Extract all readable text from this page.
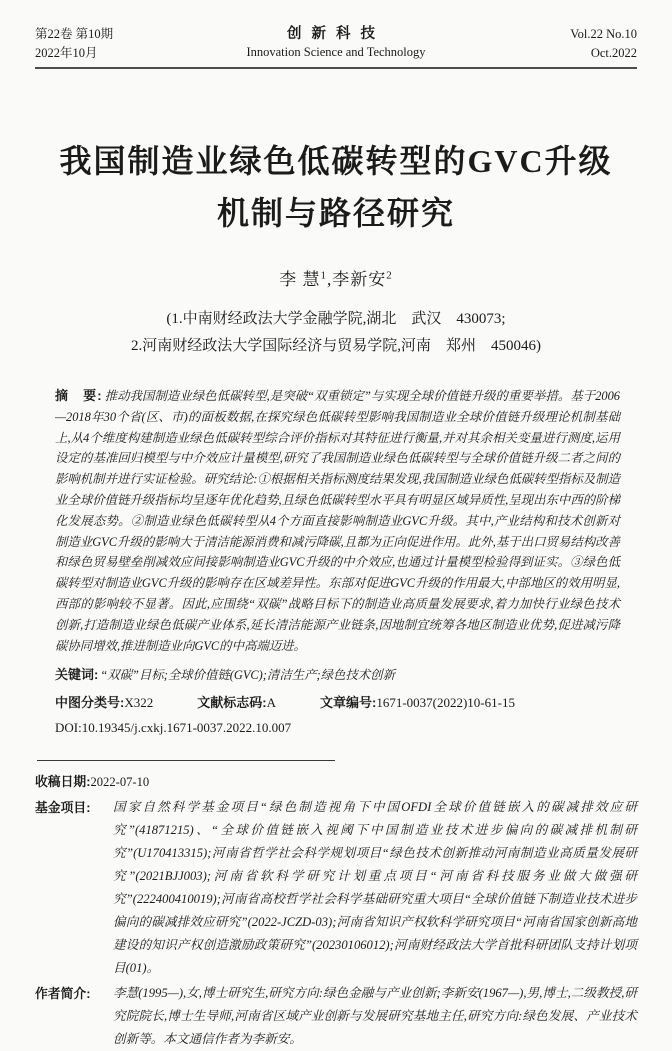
第22卷 第10期
2022年10月
创新科技
Innovation Science and Technology
Vol.22 No.10
Oct.2022
我国制造业绿色低碳转型的GVC升级
机制与路径研究
李 慧$^1$,李新安$^2$
(1.中南财经政法大学金融学院,湖北　武汉　430073;
2.河南财经政法大学国际经济与贸易学院,河南　郑州　450046)

摘　要: 推动我国制造业绿色低碳转型,是突破“双重锁定”与实现全球价值链升级的重要举措。基于2006—2018年30个省(区、市)的面板数据,在探究绿色低碳转型影响我国制造业全球价值链升级理论机制基础上,从4个维度构建制造业绿色低碳转型综合评价指标对其特征进行衡量,并对其余相关变量进行测度,运用设定的基准回归模型与中介效应计量模型,研究了我国制造业绿色低碳转型与全球价值链升级二者之间的影响机制并进行实证检验。研究结论:①根据相关指标测度结果发现,我国制造业绿色低碳转型指标及制造业全球价值链升级指标均呈逐年优化趋势,且绿色低碳转型水平具有明显区域异质性,呈现出东中西的阶梯化发展态势。②制造业绿色低碳转型从4个方面直接影响制造业GVC升级。其中,产业结构和技术创新对制造业GVC升级的影响大于清洁能源消费和减污降碳,且都为正向促进作用。此外,基于出口贸易结构改善和绿色贸易壁垒削减效应间接影响制造业GVC升级的中介效应,也通过计量模型检验得到证实。③绿色低碳转型对制造业GVC升级的影响存在区域差异性。东部对促进GVC升级的作用最大,中部地区的效用明显,西部的影响较不显著。因此,应围绕“双碳”战略目标下的制造业高质量发展要求,着力加快行业绿色技术创新,打造制造业绿色低碳产业体系,延长清洁能源产业链条,因地制宜统筹各地区制造业优势,促进减污降碳协同增效,推进制造业向GVC的中高端迈进。

关键词: “双碳”目标;全球价值链(GVC);清洁生产;绿色技术创新

中图分类号:X322	文献标志码:A	文章编号:1671-0037(2022)10-61-15
DOI:10.19345/j.cxkj.1671-0037.2022.10.007
收稿日期:2022-07-10
基金项目:	国家自然科学基金项目“绿色制造视角下中国OFDI全球价值链嵌入的碳减排效应研究”(41871215)、“全球价值链嵌入视阈下中国制造业技术进步偏向的碳减排机制研究”(U170413315);河南省哲学社会科学规划项目“绿色技术创新推动河南制造业高质量发展研究”(2021BJJ003);河南省软科学研究计划重点项目“河南省科技服务业做大做强研究”(222400410019);河南省高校哲学社会科学基础研究重大项目“全球价值链下制造业技术进步偏向的碳减排效应研究”(2022-JCZD-03);河南省知识产权软科学研究项目“河南省国家创新高地建设的知识产权创造激励政策研究”(20230106012);河南财经政法大学首批科研团队支持计划项目(01)。
作者简介:	李慧(1995—),女,博士研究生,研究方向:绿色金融与产业创新;李新安(1967—),男,博士,二级教授,研究院院长,博士生导师,河南省区域产业创新与发展研究基地主任,研究方向:绿色发展、产业技术创新等。本文通信作者为李新安。
